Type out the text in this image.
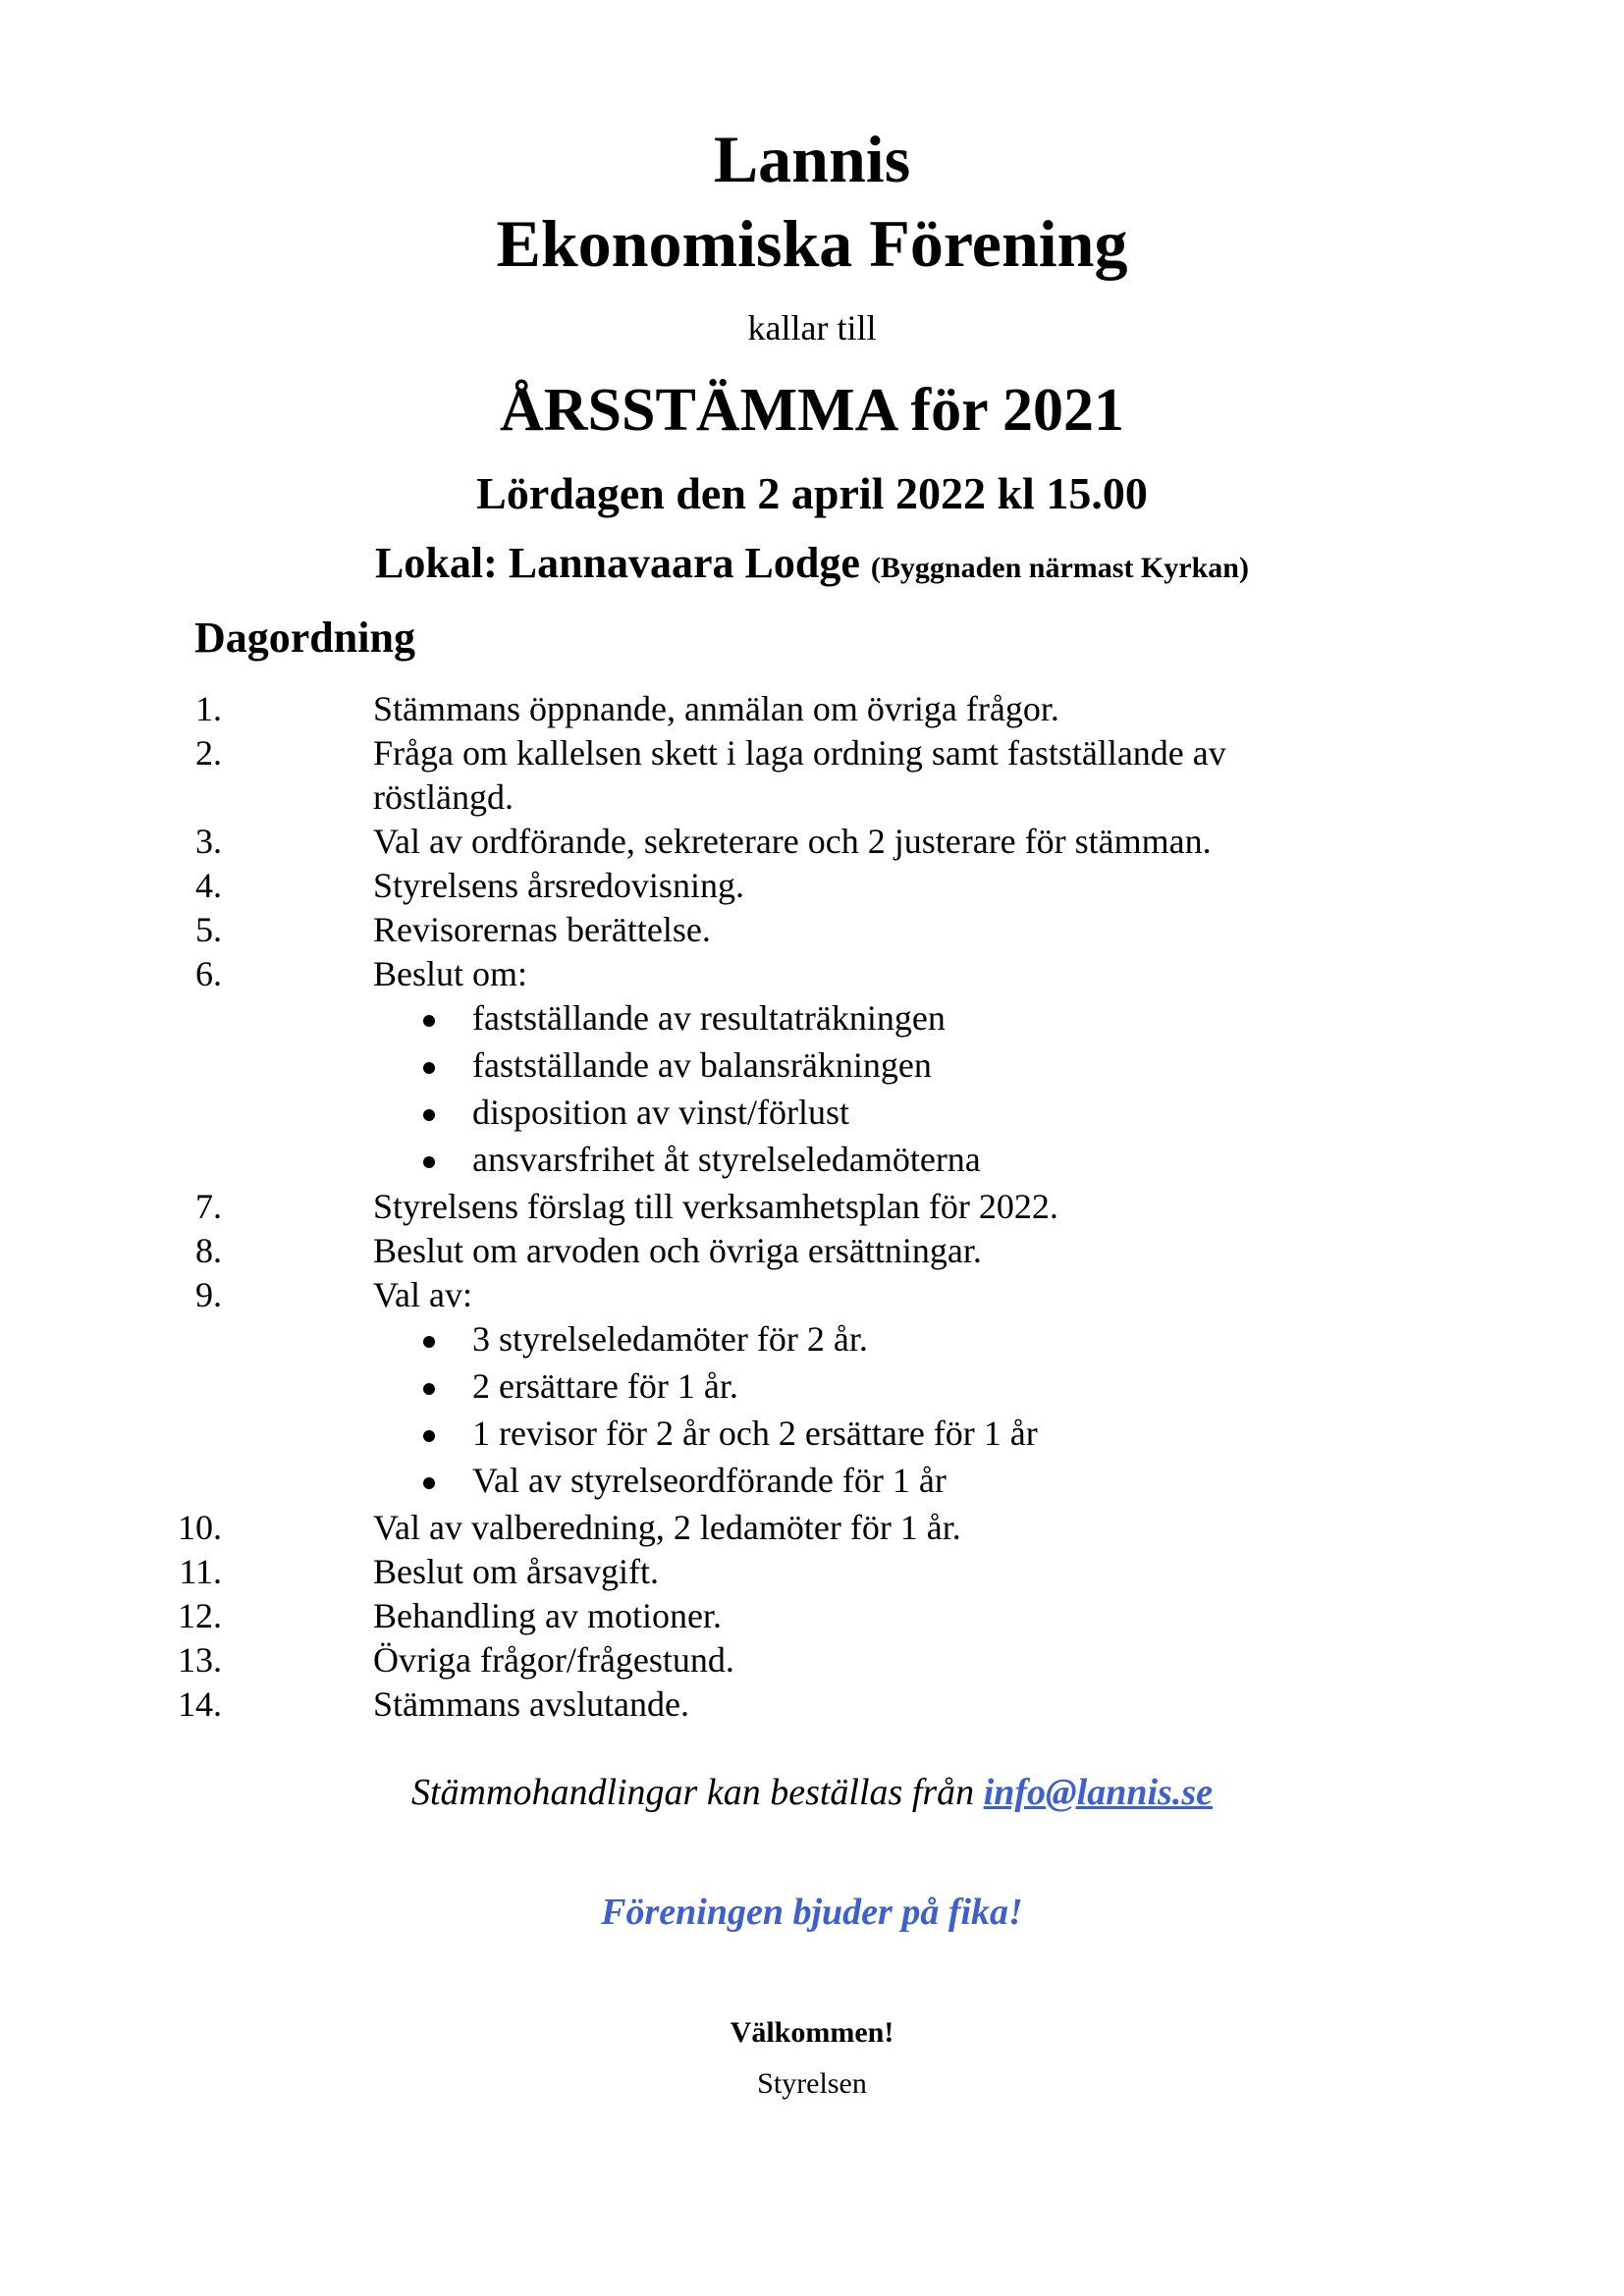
Lannis
Ekonomiska Förening
kallar till
ÅRSSTÄMMA för 2021
Lördagen den 2 april 2022 kl 15.00
Lokal: Lannavaara Lodge (Byggnaden närmast Kyrkan)
Dagordning
1.	Stämmans öppnande, anmälan om övriga frågor.
2.	Fråga om kallelsen skett i laga ordning samt fastställande av
röstlängd.
3.	Val av ordförande, sekreterare och 2 justerare för stämman.
4.	Styrelsens årsredovisning.
5.	Revisorernas berättelse.
6.	Beslut om:
fastställande av resultaträkningen
fastställande av balansräkningen
disposition av vinst/förlust
ansvarsfrihet åt styrelseledamöterna
7.	Styrelsens förslag till verksamhetsplan för 2022.
8.	Beslut om arvoden och övriga ersättningar.
9.	Val av:
3 styrelseledamöter för 2 år.
2 ersättare för 1 år.
1 revisor för 2 år och 2 ersättare för 1 år
Val av styrelseordförande för 1 år
10.	Val av valberedning, 2 ledamöter för 1 år.
11.	Beslut om årsavgift.
12.	Behandling av motioner.
13.	Övriga frågor/frågestund.
14.	Stämmans avslutande.
Stämmohandlingar kan beställas från info@lannis.se
Föreningen bjuder på fika!
Välkommen!
Styrelsen
